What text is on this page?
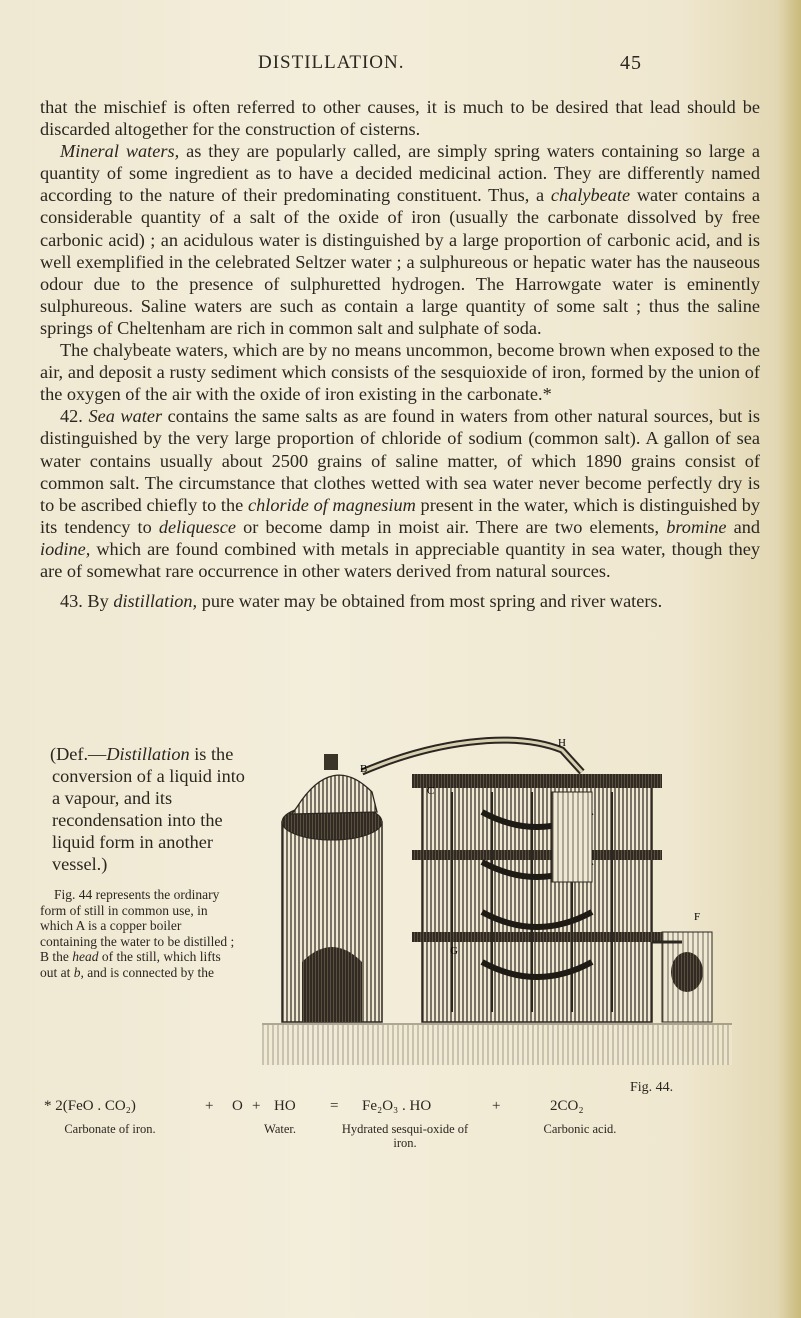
DISTILLATION.	45

that the mischief is often referred to other causes, it is much to be desired that lead should be discarded altogether for the construction of cisterns.

Mineral waters, as they are popularly called, are simply spring waters containing so large a quantity of some ingredient as to have a decided medicinal action. They are differently named according to the nature of their predominating constituent. Thus, a chalybeate water contains a considerable quantity of a salt of the oxide of iron (usually the carbonate dissolved by free carbonic acid) ; an acidulous water is distinguished by a large proportion of carbonic acid, and is well exemplified in the celebrated Seltzer water ; a sulphureous or hepatic water has the nauseous odour due to the presence of sulphuretted hydrogen. The Harrowgate water is eminently sulphureous. Saline waters are such as contain a large quantity of some salt ; thus the saline springs of Cheltenham are rich in common salt and sulphate of soda.

The chalybeate waters, which are by no means uncommon, become brown when exposed to the air, and deposit a rusty sediment which consists of the sesquioxide of iron, formed by the union of the oxygen of the air with the oxide of iron existing in the carbonate.*

42. Sea water contains the same salts as are found in waters from other natural sources, but is distinguished by the very large proportion of chloride of sodium (common salt). A gallon of sea water contains usually about 2500 grains of saline matter, of which 1890 grains consist of common salt. The circumstance that clothes wetted with sea water never become perfectly dry is to be ascribed chiefly to the chloride of magnesium present in the water, which is distinguished by its tendency to deliquesce or become damp in moist air. There are two elements, bromine and iodine, which are found combined with metals in appreciable quantity in sea water, though they are of somewhat rare occurrence in other waters derived from natural sources.

43. By distillation, pure water may be obtained from most spring and river waters.

(Def.—Distillation is the conversion of a liquid into a vapour, and its recondensation into the liquid form in another vessel.)
Fig. 44 represents the ordinary form of still in common use, in which A is a copper boiler containing the water to be distilled ; B the head of the still, which lifts out at b, and is connected by the
H
B
C
F
G
Fig. 44.
* 2(FeO . CO₂)	+ O + HO = Fe₂O₃ . HO	+	2CO₂
Carbonate of iron.	Water.	Hydrated sesqui-oxide of iron.
Carbonic acid.
